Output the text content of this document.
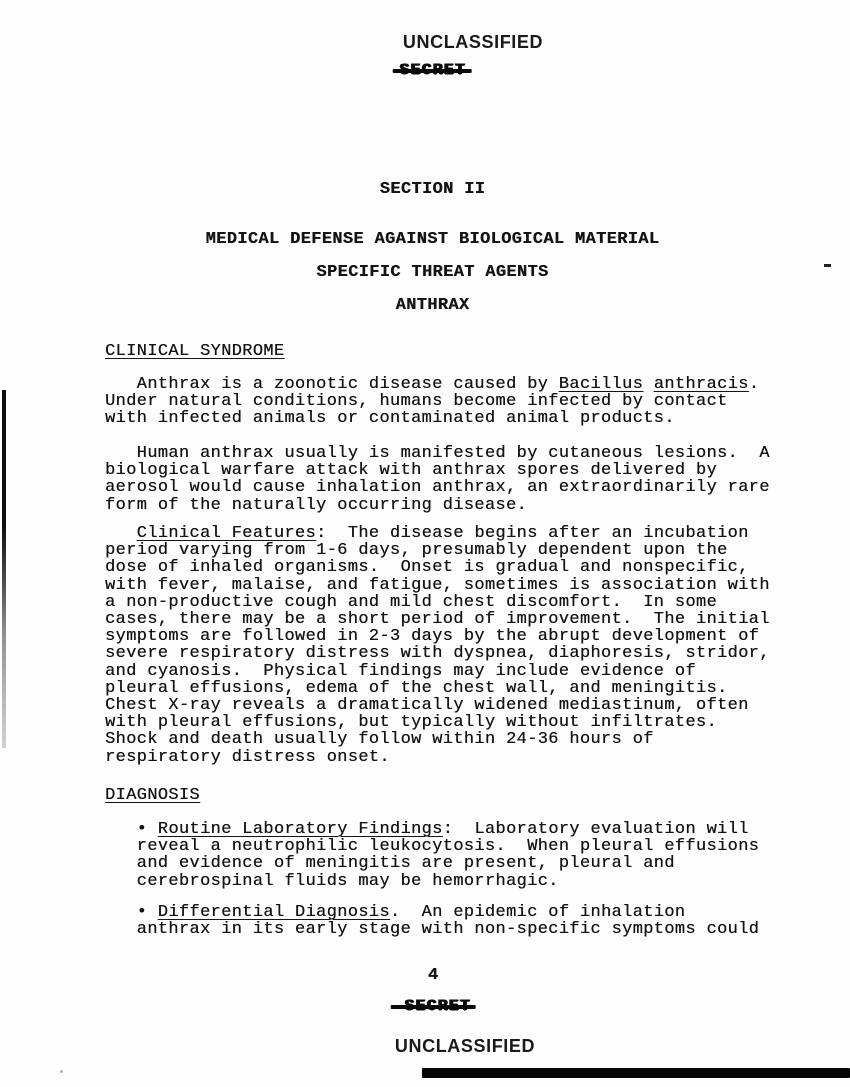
UNCLASSIFIED
SECTION II
MEDICAL DEFENSE AGAINST BIOLOGICAL MATERIAL
SPECIFIC THREAT AGENTS
ANTHRAX
CLINICAL SYNDROME
Anthrax is a zoonotic disease caused by Bacillus anthracis.
Under natural conditions, humans become infected by contact
with infected animals or contaminated animal products.
Human anthrax usually is manifested by cutaneous lesions.  A
biological warfare attack with anthrax spores delivered by
aerosol would cause inhalation anthrax, an extraordinarily rare
form of the naturally occurring disease.
Clinical Features:  The disease begins after an incubation
period varying from 1-6 days, presumably dependent upon the
dose of inhaled organisms.  Onset is gradual and nonspecific,
with fever, malaise, and fatigue, sometimes is association with
a non-productive cough and mild chest discomfort.  In some
cases, there may be a short period of improvement.  The initial
symptoms are followed in 2-3 days by the abrupt development of
severe respiratory distress with dyspnea, diaphoresis, stridor,
and cyanosis.  Physical findings may include evidence of
pleural effusions, edema of the chest wall, and meningitis.
Chest X-ray reveals a dramatically widened mediastinum, often
with pleural effusions, but typically without infiltrates.
Shock and death usually follow within 24-36 hours of
respiratory distress onset.
DIAGNOSIS
• Routine Laboratory Findings:  Laboratory evaluation will
reveal a neutrophilic leukocytosis.  When pleural effusions
and evidence of meningitis are present, pleural and
cerebrospinal fluids may be hemorrhagic.
• Differential Diagnosis.  An epidemic of inhalation
anthrax in its early stage with non-specific symptoms could
4
UNCLASSIFIED
